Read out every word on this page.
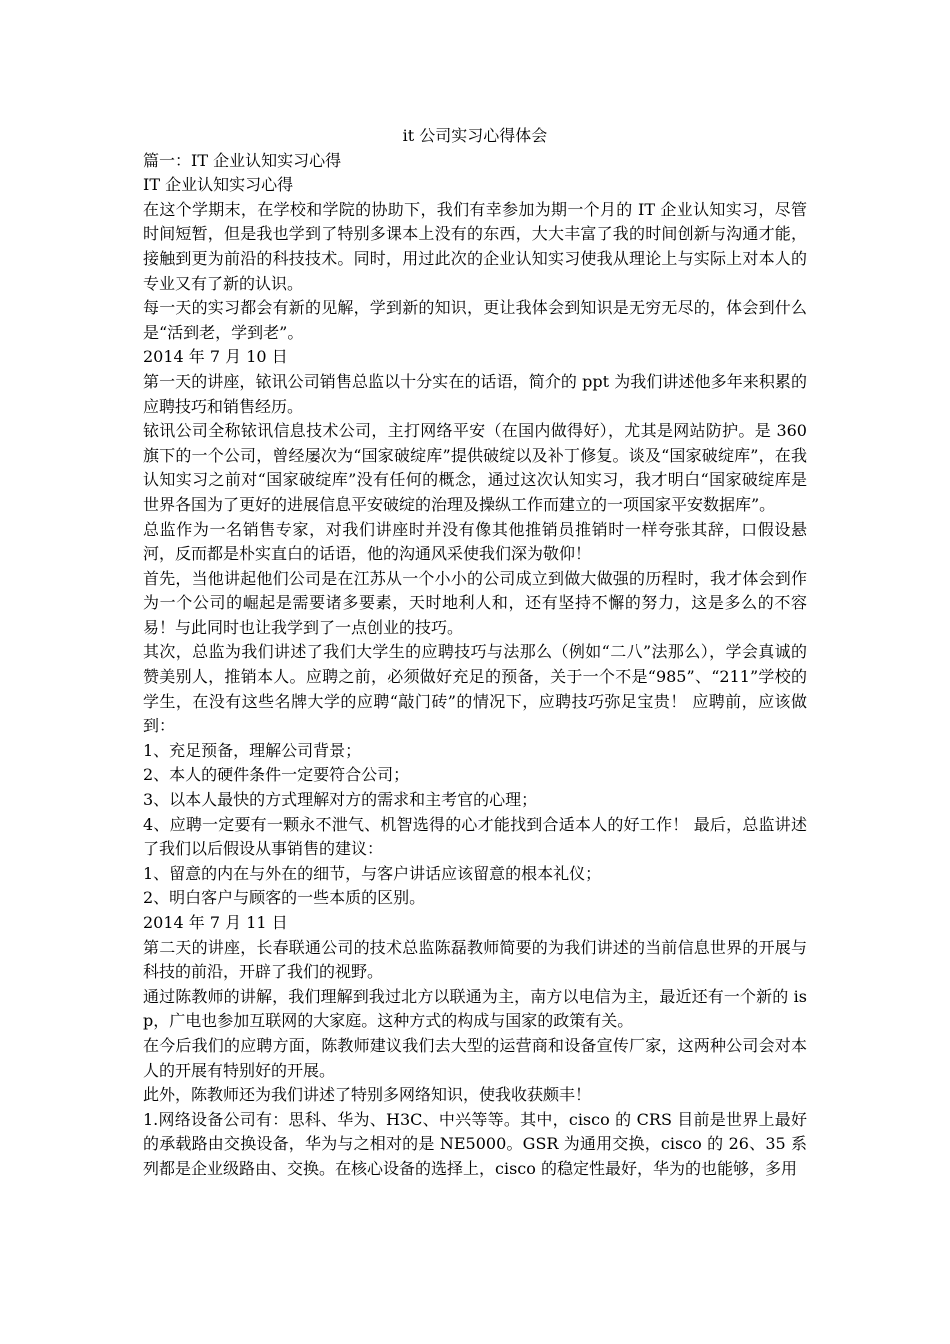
it 公司实习心得体会

篇一：IT 企业认知实习心得

IT 企业认知实习心得

在这个学期末，在学校和学院的协助下，我们有幸参加为期一个月的 IT 企业认知实习，尽管时间短暂，但是我也学到了特别多课本上没有的东西，大大丰富了我的时间创新与沟通才能，接触到更为前沿的科技技术。同时，用过此次的企业认知实习使我从理论上与实际上对本人的专业又有了新的认识。

每一天的实习都会有新的见解，学到新的知识，更让我体会到知识是无穷无尽的，体会到什么是“活到老，学到老”。

2014 年 7 月 10 日

第一天的讲座，铱讯公司销售总监以十分实在的话语，简介的 ppt 为我们讲述他多年来积累的应聘技巧和销售经历。

铱讯公司全称铱讯信息技术公司，主打网络平安（在国内做得好），尤其是网站防护。是 360 旗下的一个公司，曾经屡次为“国家破绽库”提供破绽以及补丁修复。谈及“国家破绽库”，在我认知实习之前对“国家破绽库”没有任何的概念，通过这次认知实习，我才明白“国家破绽库是世界各国为了更好的进展信息平安破绽的治理及操纵工作而建立的一项国家平安数据库”。

总监作为一名销售专家，对我们讲座时并没有像其他推销员推销时一样夸张其辞，口假设悬河，反而都是朴实直白的话语，他的沟通风采使我们深为敬仰！

首先，当他讲起他们公司是在江苏从一个小小的公司成立到做大做强的历程时，我才体会到作为一个公司的崛起是需要诸多要素，天时地利人和，还有坚持不懈的努力，这是多么的不容易！与此同时也让我学到了一点创业的技巧。

其次，总监为我们讲述了我们大学生的应聘技巧与法那么（例如“二八”法那么），学会真诚的赞美别人，推销本人。应聘之前，必须做好充足的预备，关于一个不是“985”、“211”学校的学生，在没有这些名牌大学的应聘“敲门砖”的情况下，应聘技巧弥足宝贵！ 应聘前，应该做到：

1、充足预备，理解公司背景；

2、本人的硬件条件一定要符合公司；

3、以本人最快的方式理解对方的需求和主考官的心理；

4、应聘一定要有一颗永不泄气、机智选得的心才能找到合适本人的好工作！ 最后，总监讲述了我们以后假设从事销售的建议：

1、留意的内在与外在的细节，与客户讲话应该留意的根本礼仪；

2、明白客户与顾客的一些本质的区别。

2014 年 7 月 11 日

第二天的讲座，长春联通公司的技术总监陈磊教师简要的为我们讲述的当前信息世界的开展与科技的前沿，开辟了我们的视野。

通过陈教师的讲解，我们理解到我过北方以联通为主，南方以电信为主，最近还有一个新的 isp，广电也参加互联网的大家庭。这种方式的构成与国家的政策有关。

在今后我们的应聘方面，陈教师建议我们去大型的运营商和设备宣传厂家，这两种公司会对本人的开展有特别好的开展。

此外，陈教师还为我们讲述了特别多网络知识，使我收获颇丰！

1.网络设备公司有：思科、华为、H3C、中兴等等。其中，cisco 的 CRS 目前是世界上最好的承载路由交换设备，华为与之相对的是 NE5000。GSR 为通用交换，cisco 的 26、35 系列都是企业级路由、交换。在核心设备的选择上，cisco 的稳定性最好，华为的也能够，多用
